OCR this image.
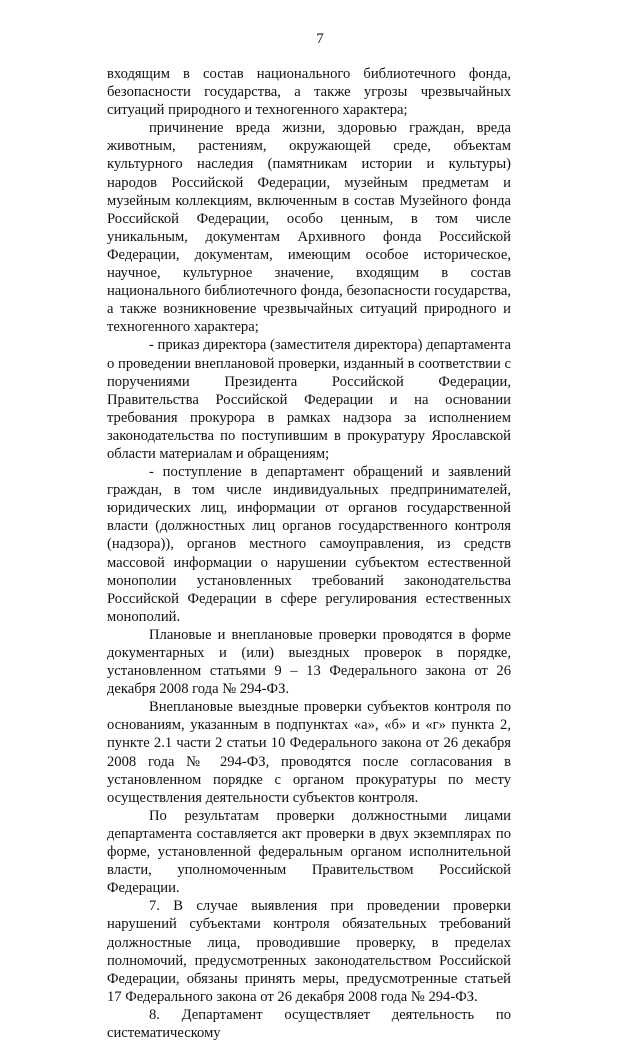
7

входящим в состав национального библиотечного фонда, безопасности государства, а также угрозы чрезвычайных ситуаций природного и техногенного характера;

причинение вреда жизни, здоровью граждан, вреда животным, растениям, окружающей среде, объектам культурного наследия (памятникам истории и культуры) народов Российской Федерации, музейным предметам и музейным коллекциям, включенным в состав Музейного фонда Российской Федерации, особо ценным, в том числе уникальным, документам Архивного фонда Российской Федерации, документам, имеющим особое историческое, научное, культурное значение, входящим в состав национального библиотечного фонда, безопасности государства, а также возникновение чрезвычайных ситуаций природного и техногенного характера;

- приказ директора (заместителя директора) департамента о проведении внеплановой проверки, изданный в соответствии с поручениями Президента Российской Федерации, Правительства Российской Федерации и на основании требования прокурора в рамках надзора за исполнением законодательства по поступившим в прокуратуру Ярославской области материалам и обращениям;

- поступление в департамент обращений и заявлений граждан, в том числе индивидуальных предпринимателей, юридических лиц, информации от органов государственной власти (должностных лиц органов государственного контроля (надзора)), органов местного самоуправления, из средств массовой информации о нарушении субъектом естественной монополии установленных требований законодательства Российской Федерации в сфере регулирования естественных монополий.

Плановые и внеплановые проверки проводятся в форме документарных и (или) выездных проверок в порядке, установленном статьями 9 – 13 Федерального закона от 26 декабря 2008 года № 294-ФЗ.

Внеплановые выездные проверки субъектов контроля по основаниям, указанным в подпунктах «а», «б» и «г» пункта 2, пункте 2.1 части 2 статьи 10 Федерального закона от 26 декабря 2008 года № 294-ФЗ, проводятся после согласования в установленном порядке с органом прокуратуры по месту осуществления деятельности субъектов контроля.

По результатам проверки должностными лицами департамента составляется акт проверки в двух экземплярах по форме, установленной федеральным органом исполнительной власти, уполномоченным Правительством Российской Федерации.

7. В случае выявления при проведении проверки нарушений субъектами контроля обязательных требований должностные лица, проводившие проверку, в пределах полномочий, предусмотренных законодательством Российской Федерации, обязаны принять меры, предусмотренные статьей 17 Федерального закона от 26 декабря 2008 года № 294-ФЗ.

8. Департамент осуществляет деятельность по систематическому
